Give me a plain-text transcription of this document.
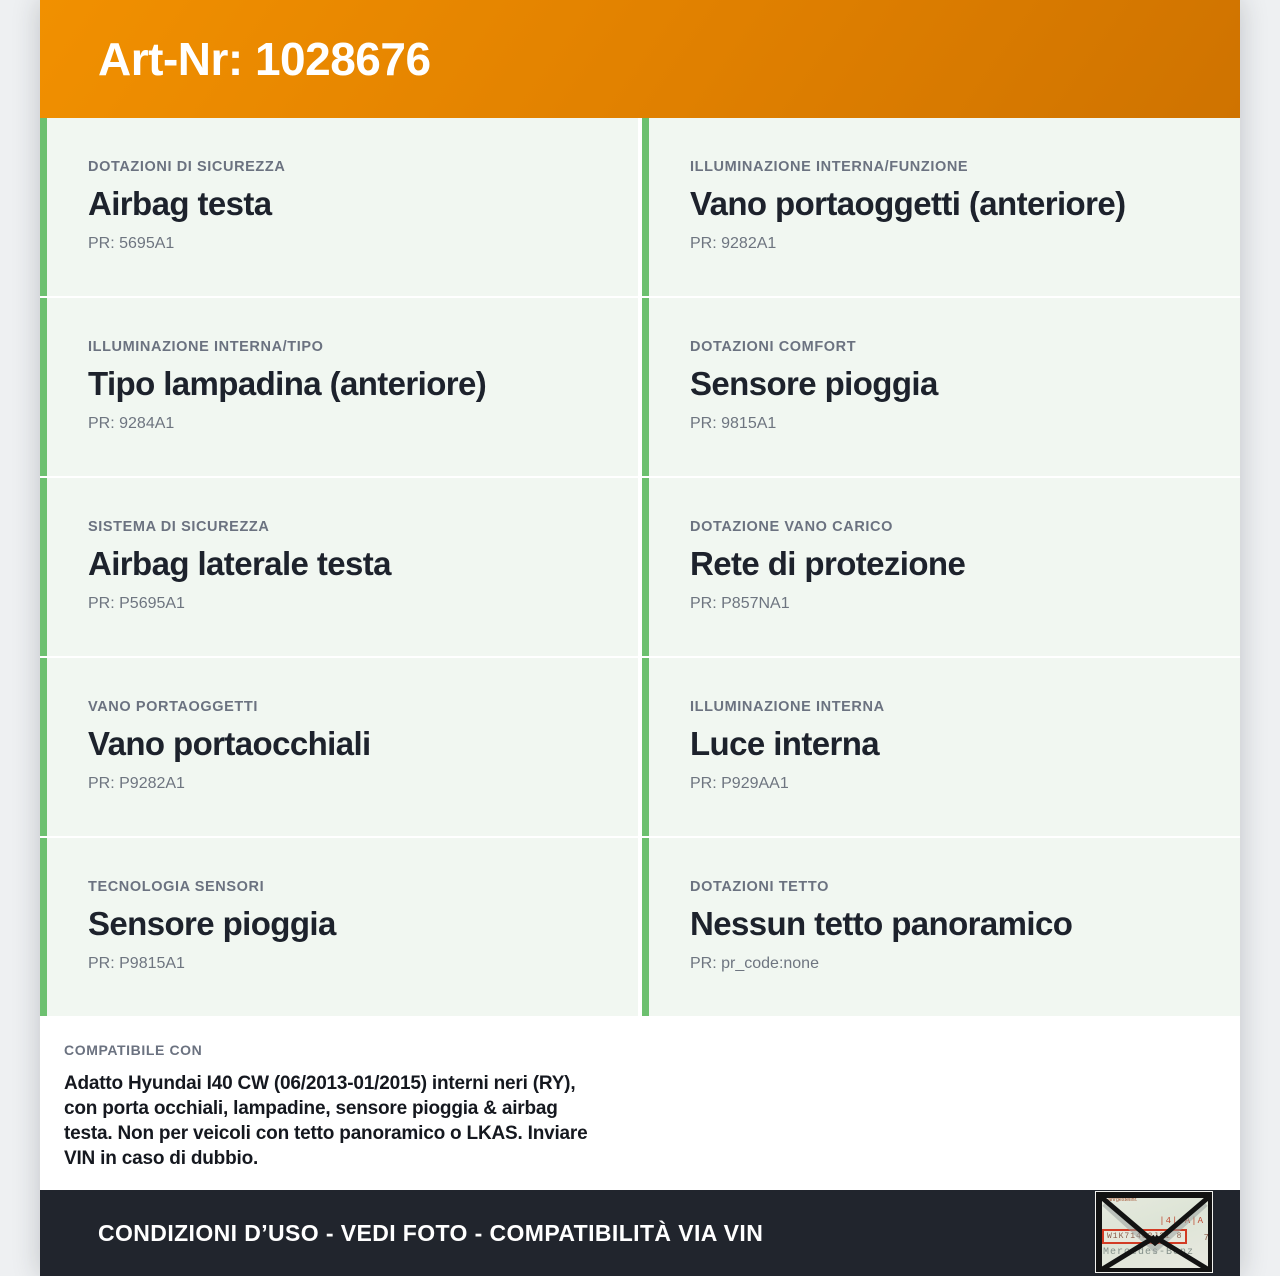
Art-Nr: 1028676
DOTAZIONI DI SICUREZZA
Airbag testa
PR: 5695A1
ILLUMINAZIONE INTERNA/FUNZIONE
Vano portaoggetti (anteriore)
PR: 9282A1
ILLUMINAZIONE INTERNA/TIPO
Tipo lampadina (anteriore)
PR: 9284A1
DOTAZIONI COMFORT
Sensore pioggia
PR: 9815A1
SISTEMA DI SICUREZZA
Airbag laterale testa
PR: P5695A1
DOTAZIONE VANO CARICO
Rete di protezione
PR: P857NA1
VANO PORTAOGGETTI
Vano portaocchiali
PR: P9282A1
ILLUMINAZIONE INTERNA
Luce interna
PR: P929AA1
TECNOLOGIA SENSORI
Sensore pioggia
PR: P9815A1
DOTAZIONI TETTO
Nessun tetto panoramico
PR: pr_code:none
COMPATIBILE CON
Adatto Hyundai I40 CW (06/2013-01/2015) interni neri (RY), con porta occhiali, lampadine, sensore pioggia & airbag testa. Non per veicoli con tetto panoramico o LKAS. Inviare VIN in caso di dubbio.
CONDIZIONI D’USO - VEDI FOTO - COMPATIBILITÀ VIA VIN
Fahrgestellnr.
|4| A|A
W1K71463J31 8	7
Mercedes-Benz
